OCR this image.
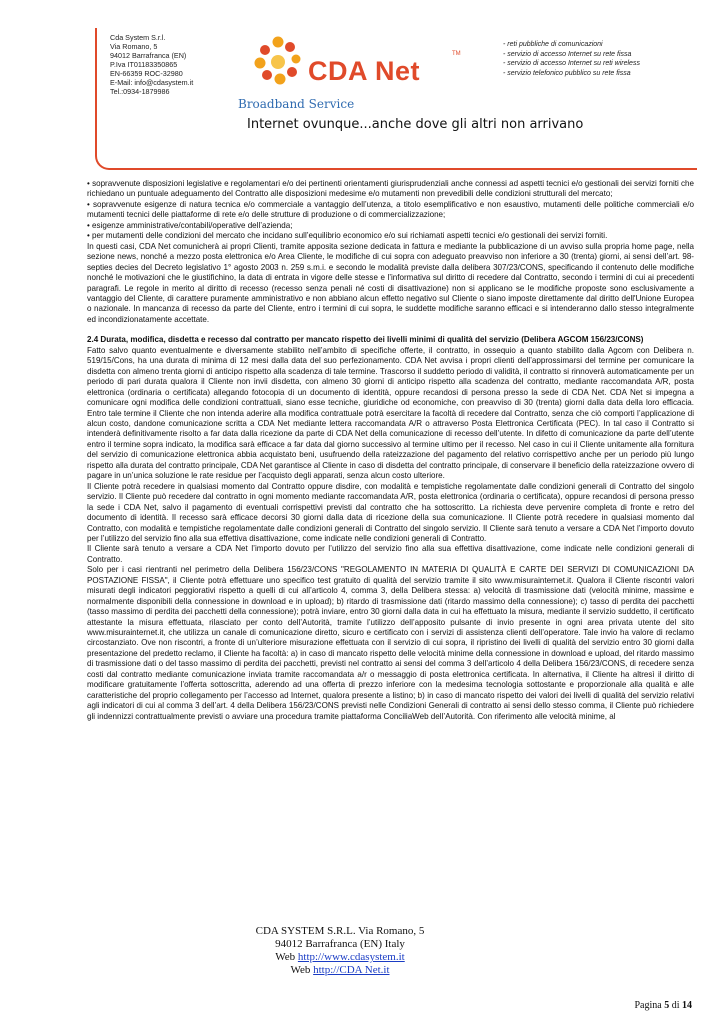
Cda System S.r.l.
Via Romano, 5
94012 Barrafranca (EN)
P.Iva IT01183350865
EN-66359 ROC-32980
E-Mail: info@cdasystem.it
Tel.:0934-1879986
CDA Net
TM
Broadband Service
Internet ovunque...anche dove gli altri non arrivano
- reti pubbliche di comunicazioni
- servizio di accesso Internet su rete fissa
- servizio di accesso Internet su reti wireless
- servizio telefonico pubblico su rete fissa

• sopravvenute disposizioni legislative e regolamentari e/o dei pertinenti orientamenti giurisprudenziali anche connessi ad aspetti tecnici e/o gestionali dei servizi forniti che richiedano un puntuale adeguamento del Contratto alle disposizioni medesime e/o mutamenti non prevedibili delle condizioni strutturali del mercato;

• sopravvenute esigenze di natura tecnica e/o commerciale a vantaggio dell’utenza, a titolo esemplificativo e non esaustivo, mutamenti delle politiche commerciali e/o mutamenti tecnici delle piattaforme di rete e/o delle strutture di produzione o di commercializzazione;

• esigenze amministrative/contabili/operative dell’azienda;

• per mutamenti delle condizioni del mercato che incidano sull’equilibrio economico e/o sui richiamati aspetti tecnici e/o gestionali dei servizi forniti.

In questi casi, CDA Net comunicherà ai propri Clienti, tramite apposita sezione dedicata in fattura e mediante la pubblicazione di un avviso sulla propria home page, nella sezione news, nonché a mezzo posta elettronica e/o Area Cliente, le modifiche di cui sopra con adeguato preavviso non inferiore a 30 (trenta) giorni, ai sensi dell’art. 98-septies decies del Decreto legislativo 1° agosto 2003 n. 259 s.m.i. e secondo le modalità previste dalla delibera 307/23/CONS, specificando il contenuto delle modifiche nonché le motivazioni che le giustifichino, la data di entrata in vigore delle stesse e l’informativa sul diritto di recedere dal Contratto, secondo i termini di cui ai precedenti paragrafi. Le regole in merito al diritto di recesso (recesso senza penali né costi di disattivazione) non si applicano se le modifiche proposte sono esclusivamente a vantaggio del Cliente, di carattere puramente amministrativo e non abbiano alcun effetto negativo sul Cliente o siano imposte direttamente dal diritto dell'Unione Europea o nazionale. In mancanza di recesso da parte del Cliente, entro i termini di cui sopra, le suddette modifiche saranno efficaci e si intenderanno dallo stesso integralmente ed incondizionatamente accettate.

2.4 Durata, modifica, disdetta e recesso dal contratto per mancato rispetto dei livelli minimi di qualità del servizio (Delibera AGCOM 156/23/CONS)

Fatto salvo quanto eventualmente e diversamente stabilito nell’ambito di specifiche offerte, il contratto, in ossequio a quanto stabilito dalla Agcom con Delibera n. 519/15/Cons, ha una durata di minima di 12 mesi dalla data del suo perfezionamento. CDA Net avvisa i propri clienti dell’approssimarsi del termine per comunicare la disdetta con almeno trenta giorni di anticipo rispetto alla scadenza di tale termine. Trascorso il suddetto periodo di validità, il contratto si rinnoverà automaticamente per un periodo di pari durata qualora il Cliente non invii disdetta, con almeno 30 giorni di anticipo rispetto alla scadenza del contratto, mediante raccomandata A/R, posta elettronica (ordinaria o certificata) allegando fotocopia di un documento di identità, oppure recandosi di persona presso la sede di CDA Net. CDA Net si impegna a comunicare ogni modifica delle condizioni contrattuali, siano esse tecniche, giuridiche od economiche, con preavviso di 30 (trenta) giorni dalla data della loro efficacia. Entro tale termine il Cliente che non intenda aderire alla modifica contrattuale potrà esercitare la facoltà di recedere dal Contratto, senza che ciò comporti l’applicazione di alcun costo, dandone comunicazione scritta a CDA Net mediante lettera raccomandata A/R o attraverso Posta Elettronica Certificata (PEC). In tal caso il Contratto si intenderà definitivamente risolto a far data dalla ricezione da parte di CDA Net della comunicazione di recesso dell’utente. In difetto di comunicazione da parte dell’utente entro il termine sopra indicato, la modifica sarà efficace a far data dal giorno successivo al termine ultimo per il recesso. Nel caso in cui il Cliente unitamente alla fornitura del servizio di comunicazione elettronica abbia acquistato beni, usufruendo della rateizzazione del pagamento del relativo corrispettivo anche per un periodo più lungo rispetto alla durata del contratto principale, CDA Net garantisce al Cliente in caso di disdetta del contratto principale, di conservare il beneficio della rateizzazione ovvero di pagare in un’unica soluzione le rate residue per l’acquisto degli apparati, senza alcun costo ulteriore.

Il Cliente potrà recedere in qualsiasi momento dal Contratto oppure disdire, con modalità e tempistiche regolamentate dalle condizioni generali di Contratto del singolo servizio. Il Cliente può recedere dal contratto in ogni momento mediante raccomandata A/R, posta elettronica (ordinaria o certificata), oppure recandosi di persona presso la sede i CDA Net, salvo il pagamento di eventuali corrispettivi previsti dal contratto che ha sottoscritto. La richiesta deve pervenire completa di fronte e retro del documento di identità. Il recesso sarà efficace decorsi 30 giorni dalla data di ricezione della sua comunicazione. Il Cliente potrà recedere in qualsiasi momento dal Contratto, con modalità e tempistiche regolamentate dalle condizioni generali di Contratto del singolo servizio. Il Cliente sarà tenuto a versare a CDA Net l’importo dovuto per l’utilizzo del servizio fino alla sua effettiva disattivazione, come indicate nelle condizioni generali di Contratto.

Il Cliente sarà tenuto a versare a CDA Net l’importo dovuto per l’utilizzo del servizio fino alla sua effettiva disattivazione, come indicate nelle condizioni generali di Contratto.

Solo per i casi rientranti nel perimetro della Delibera 156/23/CONS "REGOLAMENTO IN MATERIA DI QUALITÀ E CARTE DEI SERVIZI DI COMUNICAZIONI DA POSTAZIONE FISSA", il Cliente potrà effettuare uno specifico test gratuito di qualità del servizio tramite il sito www.misurainternet.it. Qualora il Cliente riscontri valori misurati degli indicatori peggiorativi rispetto a quelli di cui all’articolo 4, comma 3, della Delibera stessa: a) velocità di trasmissione dati (velocità minime, massime e normalmente disponibili della connessione in download e in upload); b) ritardo di trasmissione dati (ritardo massimo della connessione); c) tasso di perdita dei pacchetti (tasso massimo di perdita dei pacchetti della connessione); potrà inviare, entro 30 giorni dalla data in cui ha effettuato la misura, mediante il servizio suddetto, il certificato attestante la misura effettuata, rilasciato per conto dell’Autorità, tramite l’utilizzo dell’apposito pulsante di invio presente in ogni area privata utente del sito www.misurainternet.it, che utilizza un canale di comunicazione diretto, sicuro e certificato con i servizi di assistenza clienti dell’operatore. Tale invio ha valore di reclamo circostanziato. Ove non riscontri, a fronte di un’ulteriore misurazione effettuata con il servizio di cui sopra, il ripristino dei livelli di qualità del servizio entro 30 giorni dalla presentazione del predetto reclamo, il Cliente ha facoltà: a) in caso di mancato rispetto delle velocità minime della connessione in download e upload, del ritardo massimo di trasmissione dati o del tasso massimo di perdita dei pacchetti, previsti nel contratto ai sensi del comma 3 dell’articolo 4 della Delibera 156/23/CONS, di recedere senza costi dal contratto mediante comunicazione inviata tramite raccomandata a/r o messaggio di posta elettronica certificata. In alternativa, il Cliente ha altresì il diritto di modificare gratuitamente l’offerta sottoscritta, aderendo ad una offerta di prezzo inferiore con la medesima tecnologia sottostante e proporzionale alla qualità e alle caratteristiche del proprio collegamento per l’accesso ad Internet, qualora presente a listino; b) in caso di mancato rispetto dei valori dei livelli di qualità del servizio relativi agli indicatori di cui al comma 3 dell’art. 4 della Delibera 156/23/CONS previsti nelle Condizioni Generali di contratto ai sensi dello stesso comma, il Cliente può richiedere gli indennizzi contrattualmente previsti o avviare una procedura tramite piattaforma ConciliaWeb dell’Autorità. Con riferimento alle velocità minime, al

CDA SYSTEM S.R.L. Via Romano, 5
94012 Barrafranca (EN) Italy
Web http://www.cdasystem.it
Web http://CDA Net.it
Pagina 5 di 14
